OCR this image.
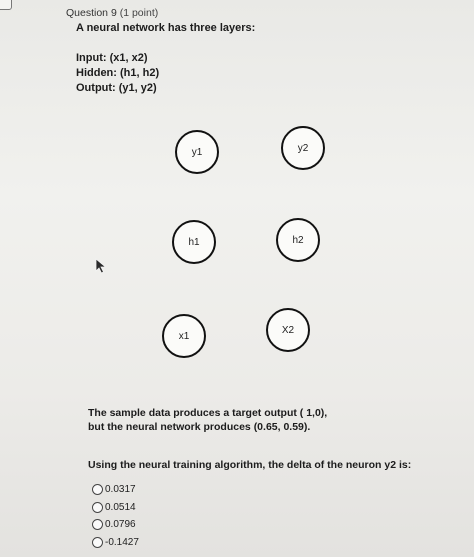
Question 9 (1 point)
A neural network has three layers:
Input: (x1, x2)
Hidden: (h1, h2)
Output: (y1, y2)
y1	y2
h1	h2
x1
X2
The sample data produces a target output ( 1,0),
but the neural network produces (0.65, 0.59).
Using the neural training algorithm, the delta of the neuron y2 is:
0.0317
0.0514
0.0796
-0.1427
